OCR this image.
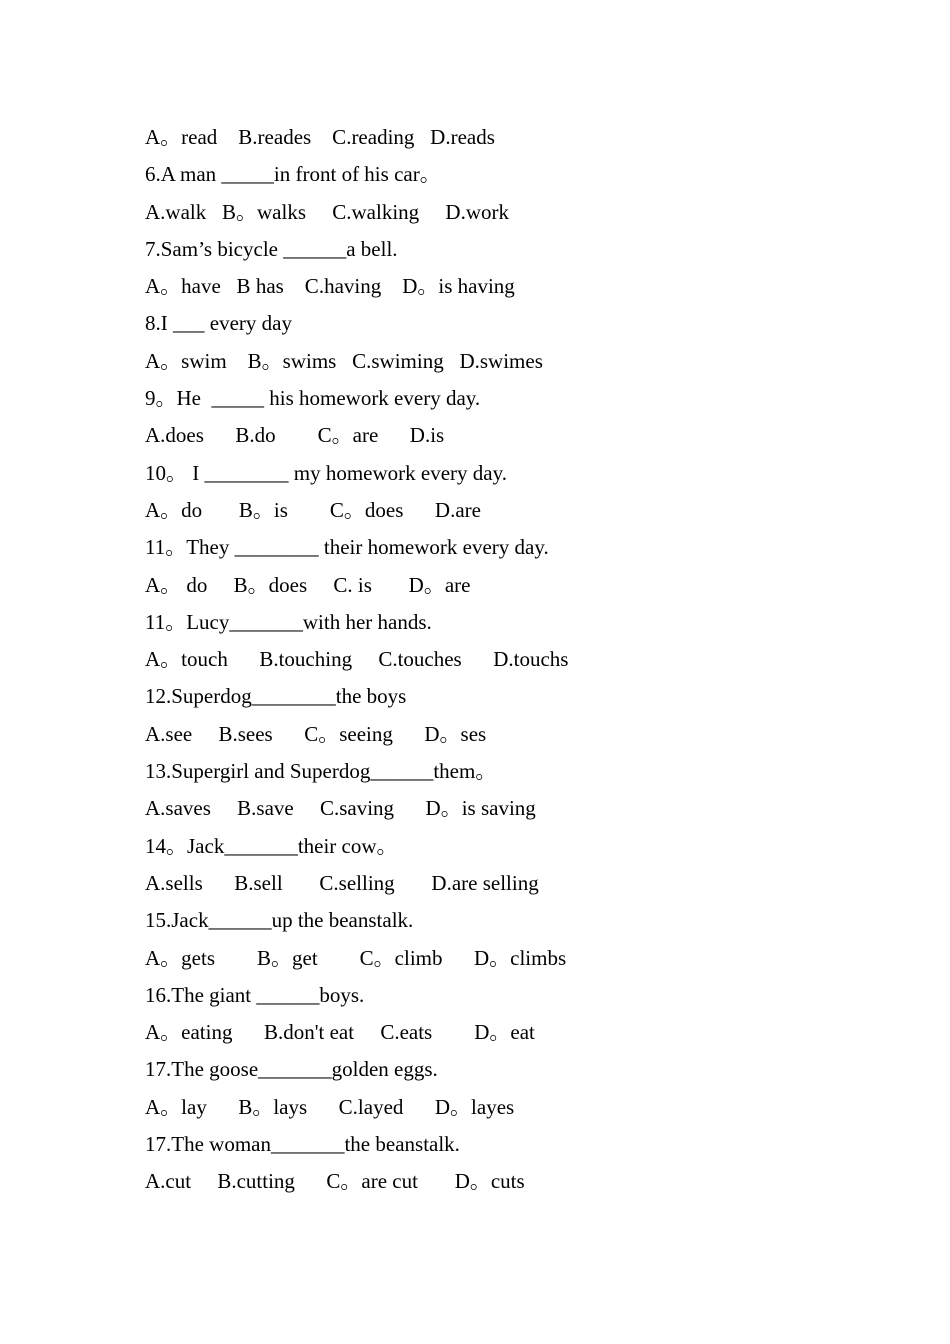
A。read    B.reades    C.reading   D.reads
6.A man _____in front of his car。
A.walk   B。walks     C.walking     D.work
7.Sam’s bicycle ______a bell.
A。have   B has    C.having    D。is having
8.I ___ every day
A。swim    B。swims   C.swiming   D.swimes
9。He  _____ his homework every day.
A.does      B.do        C。are      D.is
10。 I ________ my homework every day.
A。do       B。is        C。does      D.are
11。They ________ their homework every day.
A。 do     B。does     C. is       D。are
11。Lucy_______with her hands.
A。touch      B.touching     C.touches      D.touchs
12.Superdog________the boys
A.see     B.sees      C。seeing      D。ses
13.Supergirl and Superdog______them。
A.saves     B.save     C.saving      D。is saving
14。Jack_______their cow。
A.sells      B.sell       C.selling       D.are selling
15.Jack______up the beanstalk.
A。gets        B。get        C。climb      D。climbs
16.The giant ______boys.
A。eating      B.don't eat     C.eats        D。eat
17.The goose_______golden eggs.
A。lay      B。lays      C.layed      D。layes
17.The woman_______the beanstalk.
A.cut     B.cutting      C。are cut       D。cuts
